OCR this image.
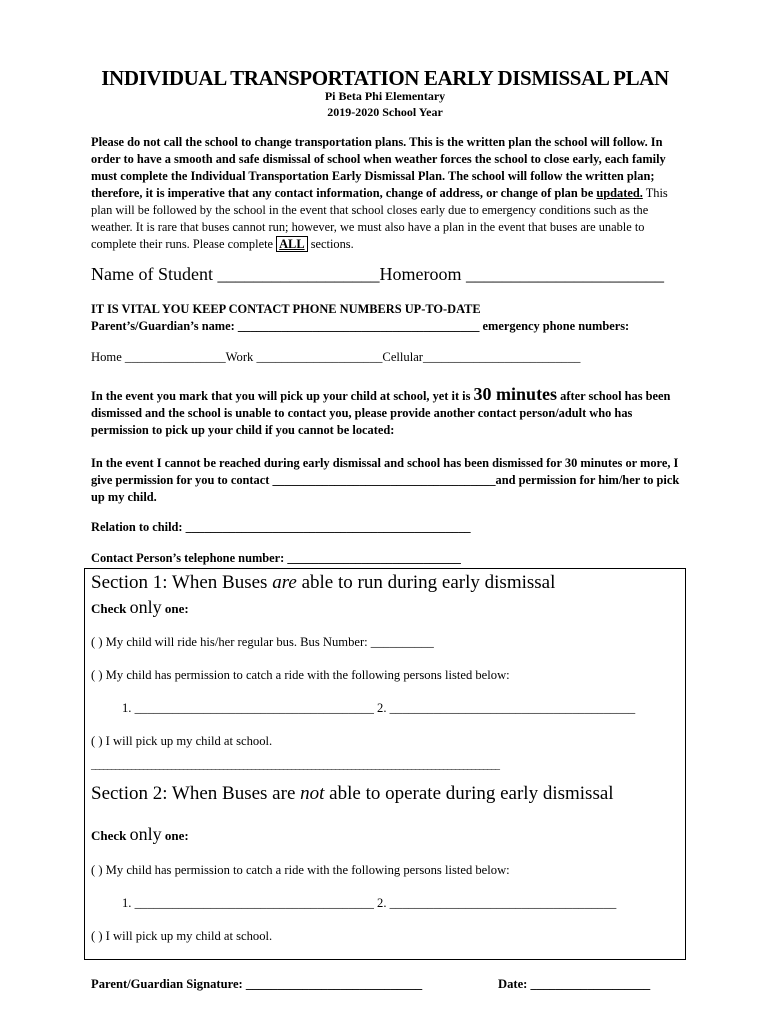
INDIVIDUAL TRANSPORTATION EARLY DISMISSAL PLAN
Pi Beta Phi Elementary
2019-2020 School Year
Please do not call the school to change transportation plans. This is the written plan the school will follow. In order to have a smooth and safe dismissal of school when weather forces the school to close early, each family must complete the Individual Transportation Early Dismissal Plan. The school will follow the written plan; therefore, it is imperative that any contact information, change of address, or change of plan be updated. This plan will be followed by the school in the event that school closes early due to emergency conditions such as the weather. It is rare that buses cannot run; however, we must also have a plan in the event that buses are unable to complete their runs. Please complete ALL sections.
Name of Student __________________Homeroom ______________________
IT IS VITAL YOU KEEP CONTACT PHONE NUMBERS UP-TO-DATE
Parent’s/Guardian’s name: _______________________________________ emergency phone numbers:
Home ________________Work ____________________Cellular_________________________
In the event you mark that you will pick up your child at school, yet it is 30 minutes after school has been dismissed and the school is unable to contact you, please provide another contact person/adult who has permission to pick up your child if you cannot be located:
In the event I cannot be reached during early dismissal and school has been dismissed for 30 minutes or more, I give permission for you to contact ____________________________________and permission for him/her to pick up my child.
Relation to child: ______________________________________________
Contact Person’s telephone number: ____________________________
Section 1: When Buses are able to run during early dismissal
Check only one:
( ) My child will ride his/her regular bus. Bus Number: __________
( ) My child has permission to catch a ride with the following persons listed below:
1. ______________________________________ 2. _______________________________________
( ) I will pick up my child at school.
______________________________________________________________________________________________________
Section 2: When Buses are not able to operate during early dismissal
Check only one:
( ) My child has permission to catch a ride with the following persons listed below:
1. ______________________________________ 2. ____________________________________
( ) I will pick up my child at school.
Parent/Guardian Signature: ____________________________	Date: ___________________
